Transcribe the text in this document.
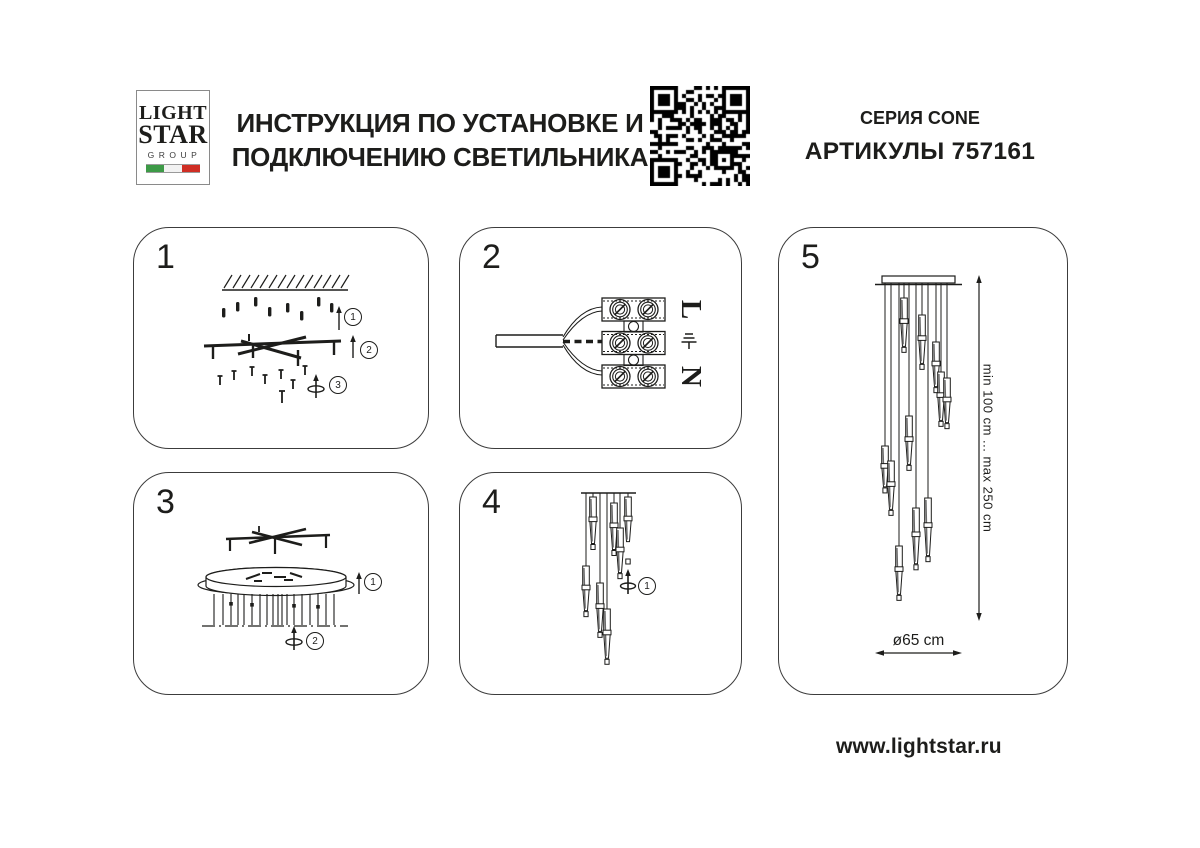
LIGHT
STAR
GROUP
ИНСТРУКЦИЯ ПО УСТАНОВКЕ И
ПОДКЛЮЧЕНИЮ СВЕТИЛЬНИКА
СЕРИЯ CONE
АРТИКУЛЫ 757161
1
1
2
3
2
L
N
3
1
2
4
1
5
min 100 cm ... max 250 cm
ø65 cm
www.lightstar.ru
